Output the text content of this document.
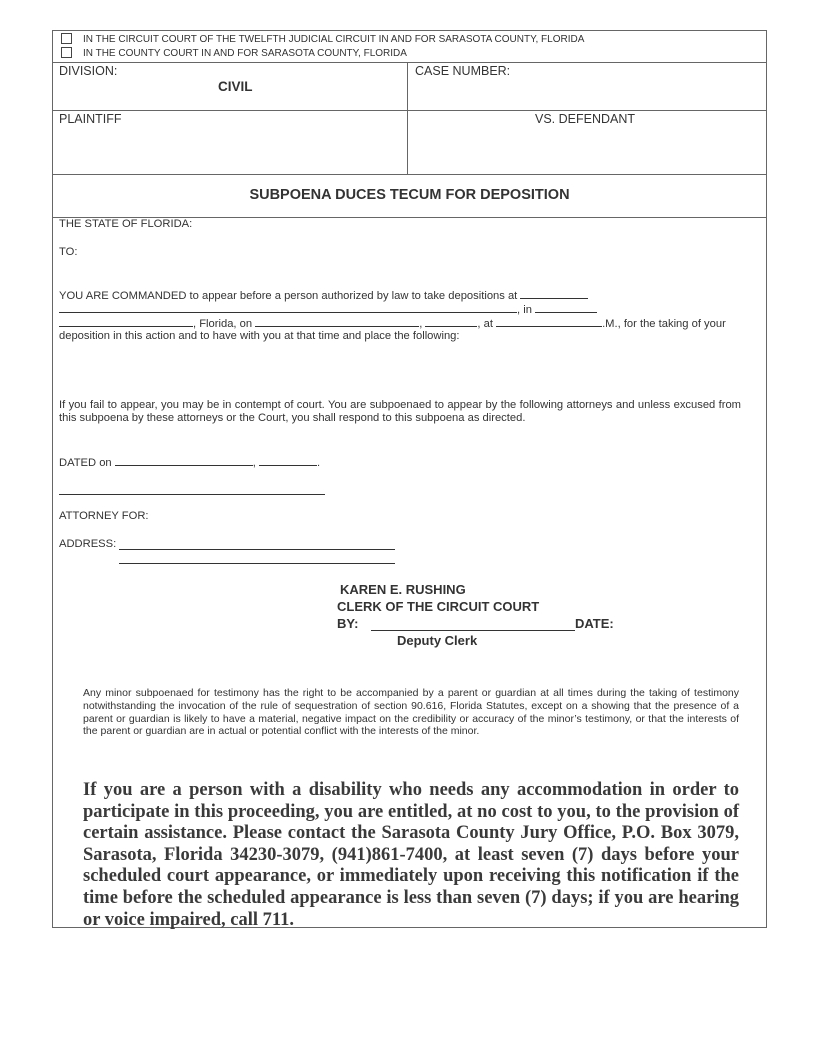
IN THE CIRCUIT COURT OF THE TWELFTH JUDICIAL CIRCUIT IN AND FOR SARASOTA COUNTY, FLORIDA
IN THE COUNTY COURT IN AND FOR SARASOTA COUNTY, FLORIDA
DIVISION:
CIVIL
CASE NUMBER:
PLAINTIFF	VS. DEFENDANT
SUBPOENA DUCES TECUM FOR DEPOSITION
THE STATE OF FLORIDA:
TO:
YOU ARE COMMANDED to appear before a person authorized by law to take depositions at
, in
, Florida, on	,	, at	.M., for the taking of your
deposition in this action and to have with you at that time and place the following:
If you fail to appear, you may be in contempt of court. You are subpoenaed to appear by the following attorneys and unless excused from this subpoena by these attorneys or the Court, you shall respond to this subpoena as directed.
DATED on	,	.
ATTORNEY FOR:
ADDRESS:
KAREN E. RUSHING
CLERK OF THE CIRCUIT COURT
BY:	DATE:
Deputy Clerk
Any minor subpoenaed for testimony has the right to be accompanied by a parent or guardian at all times during the taking of testimony notwithstanding the invocation of the rule of sequestration of section 90.616, Florida Statutes, except on a showing that the presence of a parent or guardian is likely to have a material, negative impact on the credibility or accuracy of the minor’s testimony, or that the interests of the parent or guardian are in actual or potential conflict with the interests of the minor.
If you are a person with a disability who needs any accommodation in order to participate in this proceeding, you are entitled, at no cost to you, to the provision of certain assistance. Please contact the Sarasota County Jury Office, P.O. Box 3079, Sarasota, Florida 34230-3079, (941)861-7400, at least seven (7) days before your scheduled court appearance, or immediately upon receiving this notification if the time before the scheduled appearance is less than seven (7) days; if you are hearing or voice impaired, call 711.
